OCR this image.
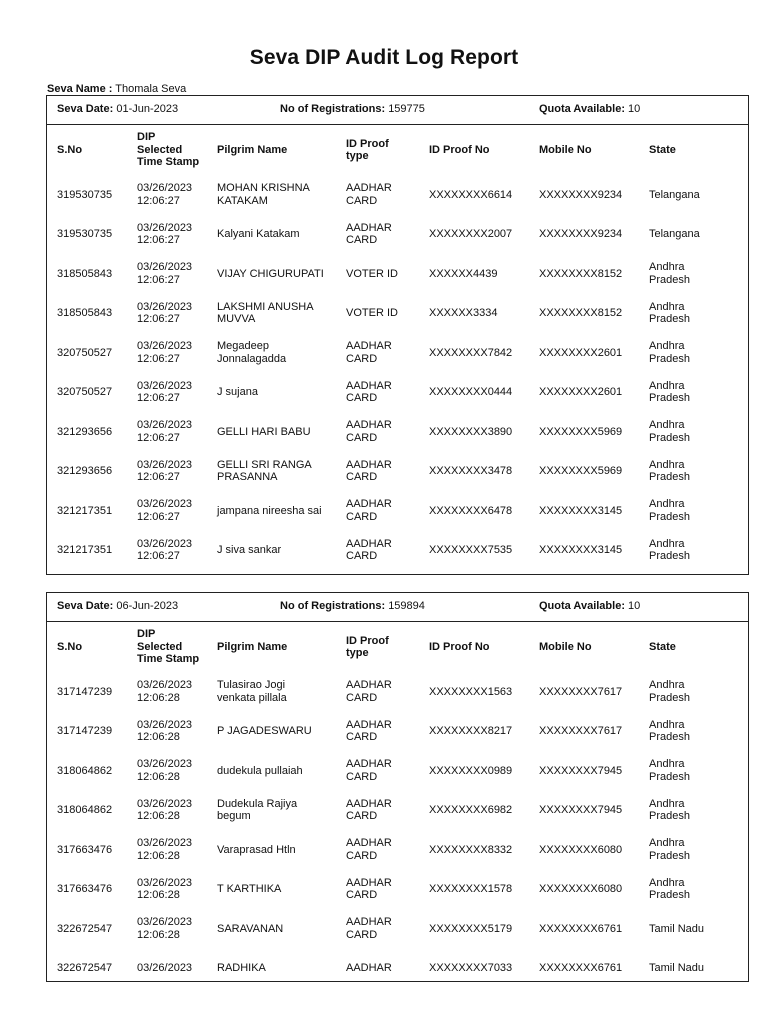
Seva DIP Audit Log Report
Seva Name : Thomala Seva
Seva Date: 01-Jun-2023	No of Registrations: 159775	Quota Available: 10
S.No	DIP
Selected
Time Stamp	Pilgrim Name	ID Proof
type	ID Proof No	Mobile No	State

319530735	03/26/2023
12:06:27	MOHAN KRISHNA
KATAKAM	AADHAR
CARD	XXXXXXXX6614	XXXXXXXX9234	Telangana

319530735	03/26/2023
12:06:27	Kalyani Katakam	AADHAR
CARD	XXXXXXXX2007	XXXXXXXX9234	Telangana

318505843	03/26/2023
12:06:27	VIJAY CHIGURUPATI	VOTER ID	XXXXXX4439	XXXXXXXX8152	Andhra
Pradesh

318505843	03/26/2023
12:06:27	LAKSHMI ANUSHA
MUVVA	VOTER ID	XXXXXX3334	XXXXXXXX8152	Andhra
Pradesh

320750527	03/26/2023
12:06:27	Megadeep
Jonnalagadda	AADHAR
CARD	XXXXXXXX7842	XXXXXXXX2601	Andhra
Pradesh

320750527	03/26/2023
12:06:27	J sujana	AADHAR
CARD	XXXXXXXX0444	XXXXXXXX2601	Andhra
Pradesh

321293656	03/26/2023
12:06:27	GELLI HARI BABU	AADHAR
CARD	XXXXXXXX3890	XXXXXXXX5969	Andhra
Pradesh

321293656	03/26/2023
12:06:27	GELLI SRI RANGA
PRASANNA	AADHAR
CARD	XXXXXXXX3478	XXXXXXXX5969	Andhra
Pradesh

321217351	03/26/2023
12:06:27	jampana nireesha sai	AADHAR
CARD	XXXXXXXX6478	XXXXXXXX3145	Andhra
Pradesh

321217351	03/26/2023
12:06:27	J siva sankar	AADHAR
CARD	XXXXXXXX7535	XXXXXXXX3145	Andhra
Pradesh
Seva Date: 06-Jun-2023	No of Registrations: 159894	Quota Available: 10
S.No	DIP
Selected
Time Stamp	Pilgrim Name	ID Proof
type	ID Proof No	Mobile No	State

317147239	03/26/2023
12:06:28	Tulasirao Jogi
venkata pillala	AADHAR
CARD	XXXXXXXX1563	XXXXXXXX7617	Andhra
Pradesh

317147239	03/26/2023
12:06:28	P JAGADESWARU	AADHAR
CARD	XXXXXXXX8217	XXXXXXXX7617	Andhra
Pradesh

318064862	03/26/2023
12:06:28	dudekula pullaiah	AADHAR
CARD	XXXXXXXX0989	XXXXXXXX7945	Andhra
Pradesh

318064862	03/26/2023
12:06:28	Dudekula Rajiya
begum	AADHAR
CARD	XXXXXXXX6982	XXXXXXXX7945	Andhra
Pradesh

317663476	03/26/2023
12:06:28	Varaprasad Htln	AADHAR
CARD	XXXXXXXX8332	XXXXXXXX6080	Andhra
Pradesh

317663476	03/26/2023
12:06:28	T KARTHIKA	AADHAR
CARD	XXXXXXXX1578	XXXXXXXX6080	Andhra
Pradesh

322672547	03/26/2023
12:06:28	SARAVANAN	AADHAR
CARD	XXXXXXXX5179	XXXXXXXX6761	Tamil Nadu

322672547	03/26/2023	RADHIKA	AADHAR	XXXXXXXX7033	XXXXXXXX6761	Tamil Nadu
